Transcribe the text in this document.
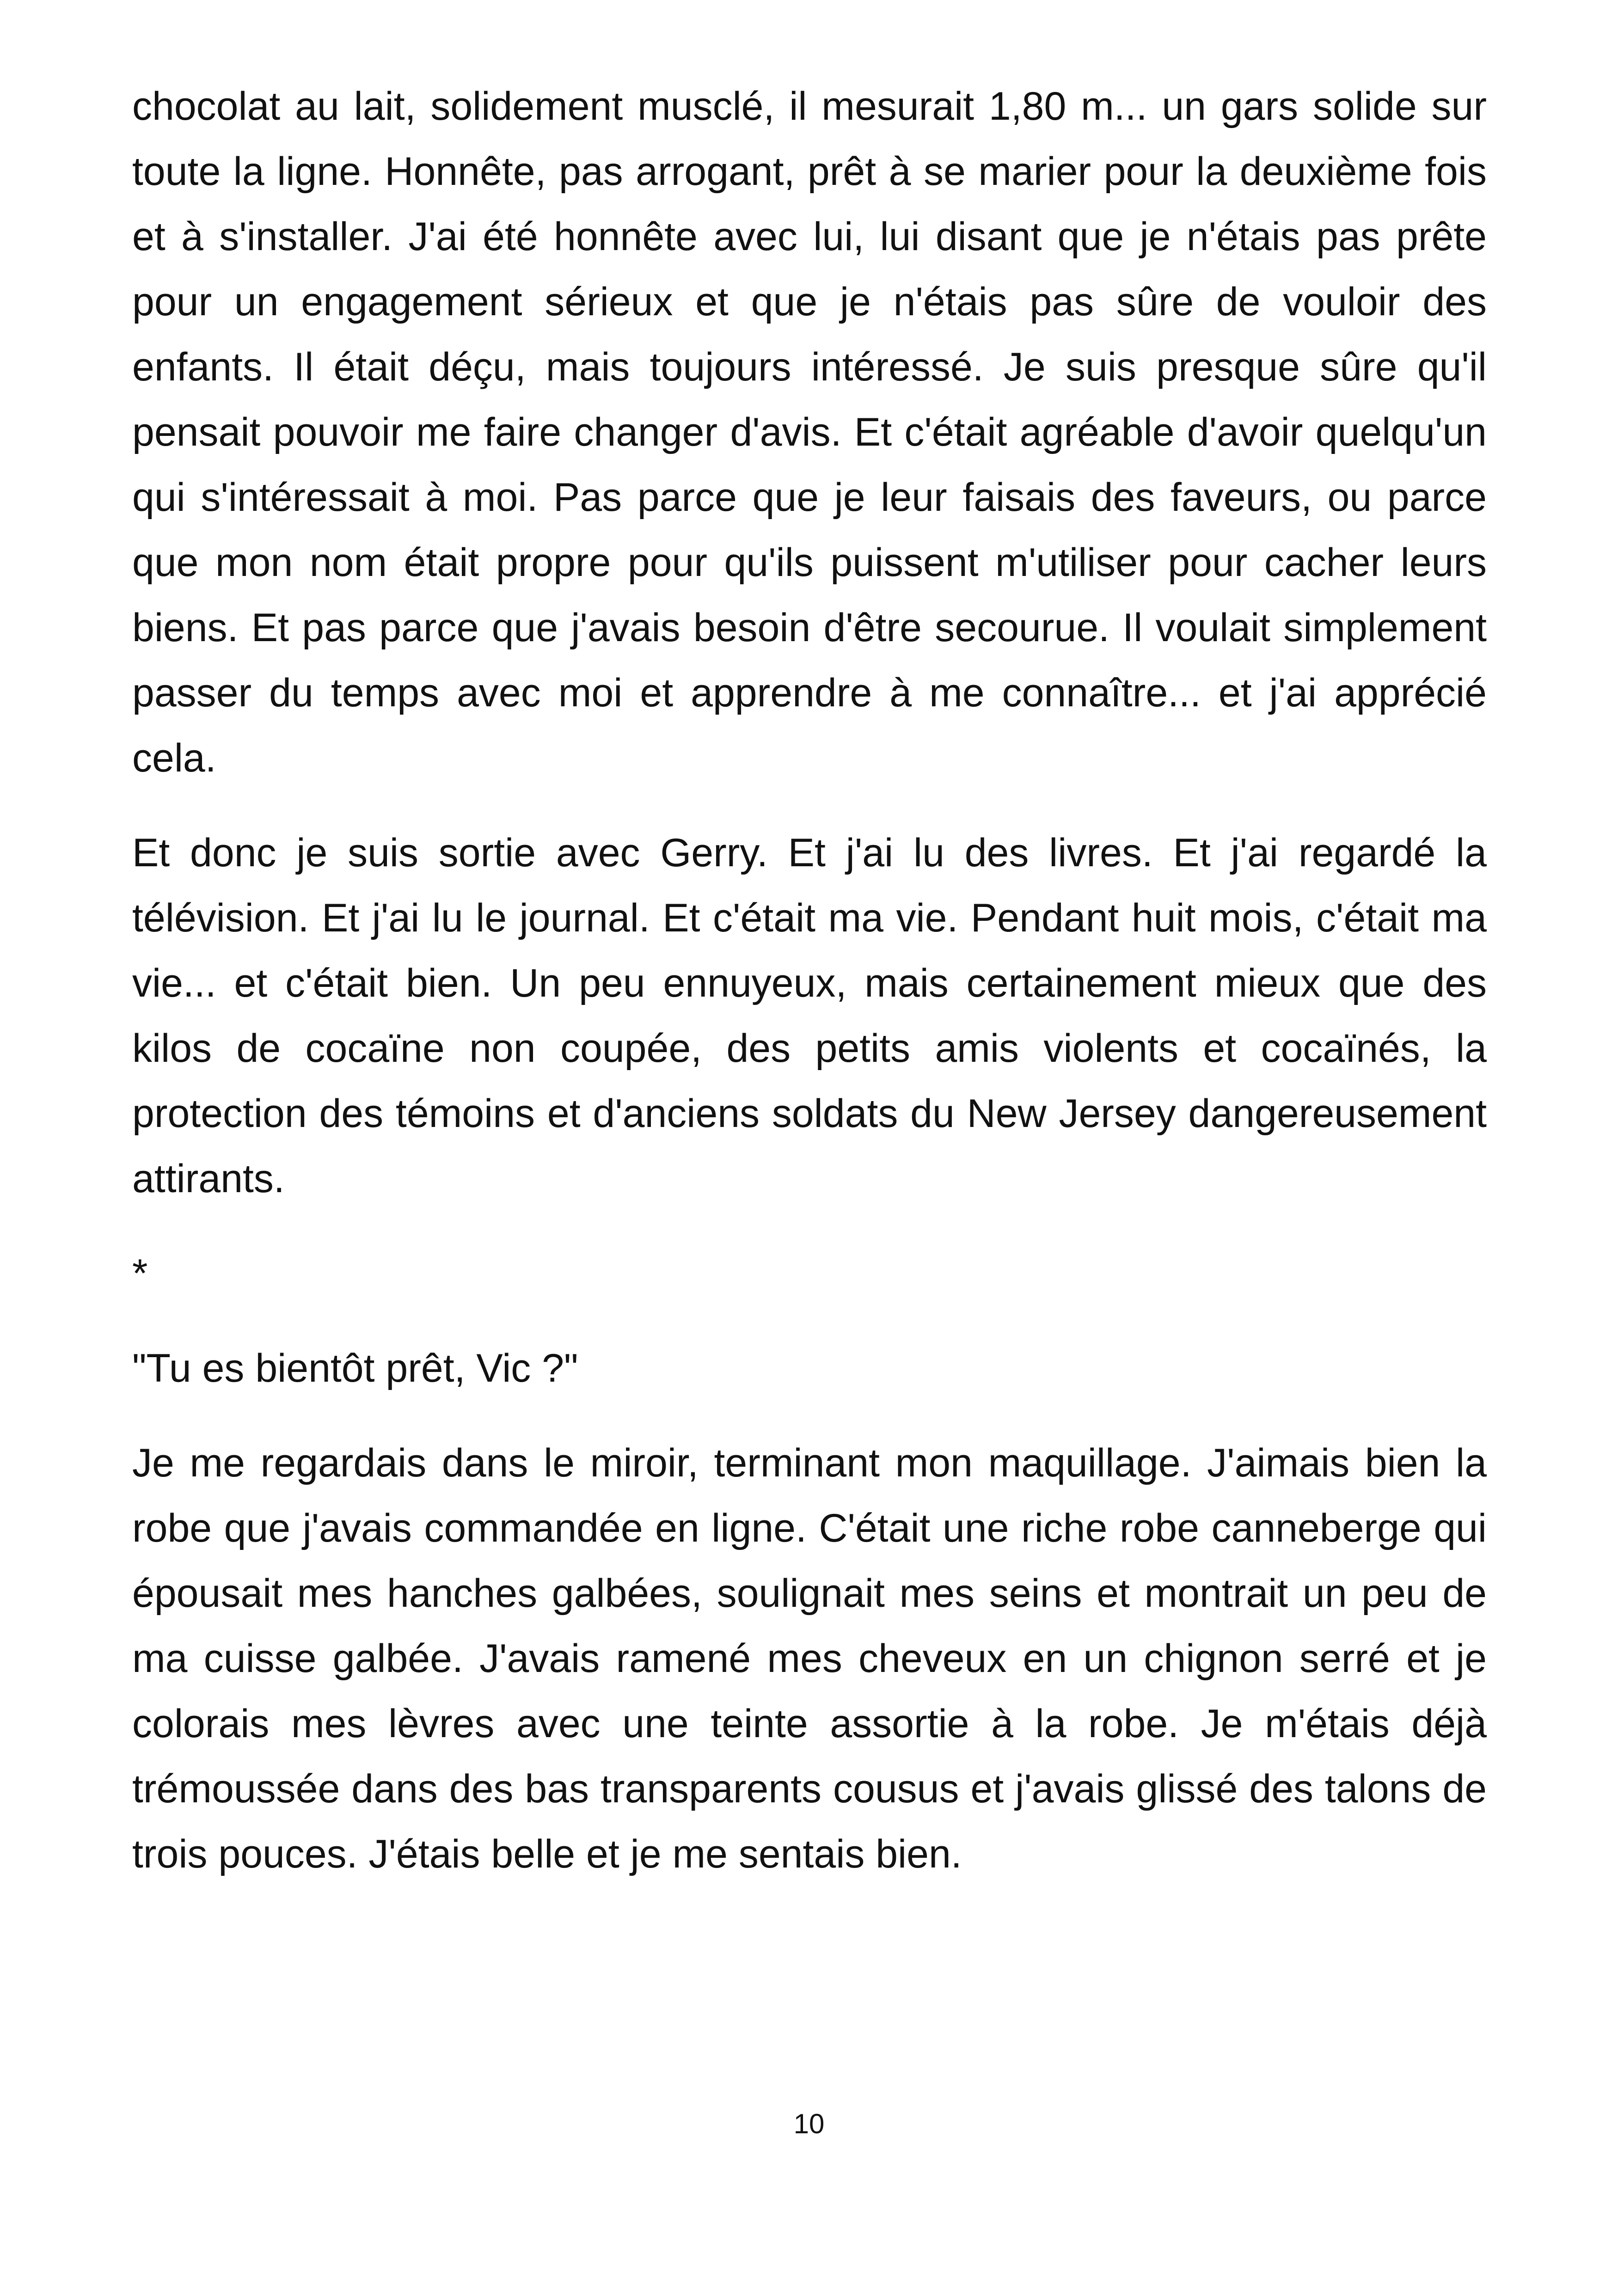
chocolat au lait, solidement musclé, il mesurait 1,80 m... un gars solide sur toute la ligne. Honnête, pas arrogant, prêt à se marier pour la deuxième fois et à s'installer. J'ai été honnête avec lui, lui disant que je n'étais pas prête pour un engagement sérieux et que je n'étais pas sûre de vouloir des enfants. Il était déçu, mais toujours intéressé. Je suis presque sûre qu'il pensait pouvoir me faire changer d'avis. Et c'était agréable d'avoir quelqu'un qui s'intéressait à moi. Pas parce que je leur faisais des faveurs, ou parce que mon nom était propre pour qu'ils puissent m'utiliser pour cacher leurs biens. Et pas parce que j'avais besoin d'être secourue. Il voulait simplement passer du temps avec moi et apprendre à me connaître... et j'ai apprécié cela.

Et donc je suis sortie avec Gerry. Et j'ai lu des livres. Et j'ai regardé la télévision. Et j'ai lu le journal. Et c'était ma vie. Pendant huit mois, c'était ma vie... et c'était bien. Un peu ennuyeux, mais certainement mieux que des kilos de cocaïne non coupée, des petits amis violents et cocaïnés, la protection des témoins et d'anciens soldats du New Jersey dangereusement attirants.

*

"Tu es bientôt prêt, Vic ?"

Je me regardais dans le miroir, terminant mon maquillage. J'aimais bien la robe que j'avais commandée en ligne. C'était une riche robe canneberge qui épousait mes hanches galbées, soulignait mes seins et montrait un peu de ma cuisse galbée. J'avais ramené mes cheveux en un chignon serré et je colorais mes lèvres avec une teinte assortie à la robe. Je m'étais déjà trémoussée dans des bas transparents cousus et j'avais glissé des talons de trois pouces. J'étais belle et je me sentais bien.

10
